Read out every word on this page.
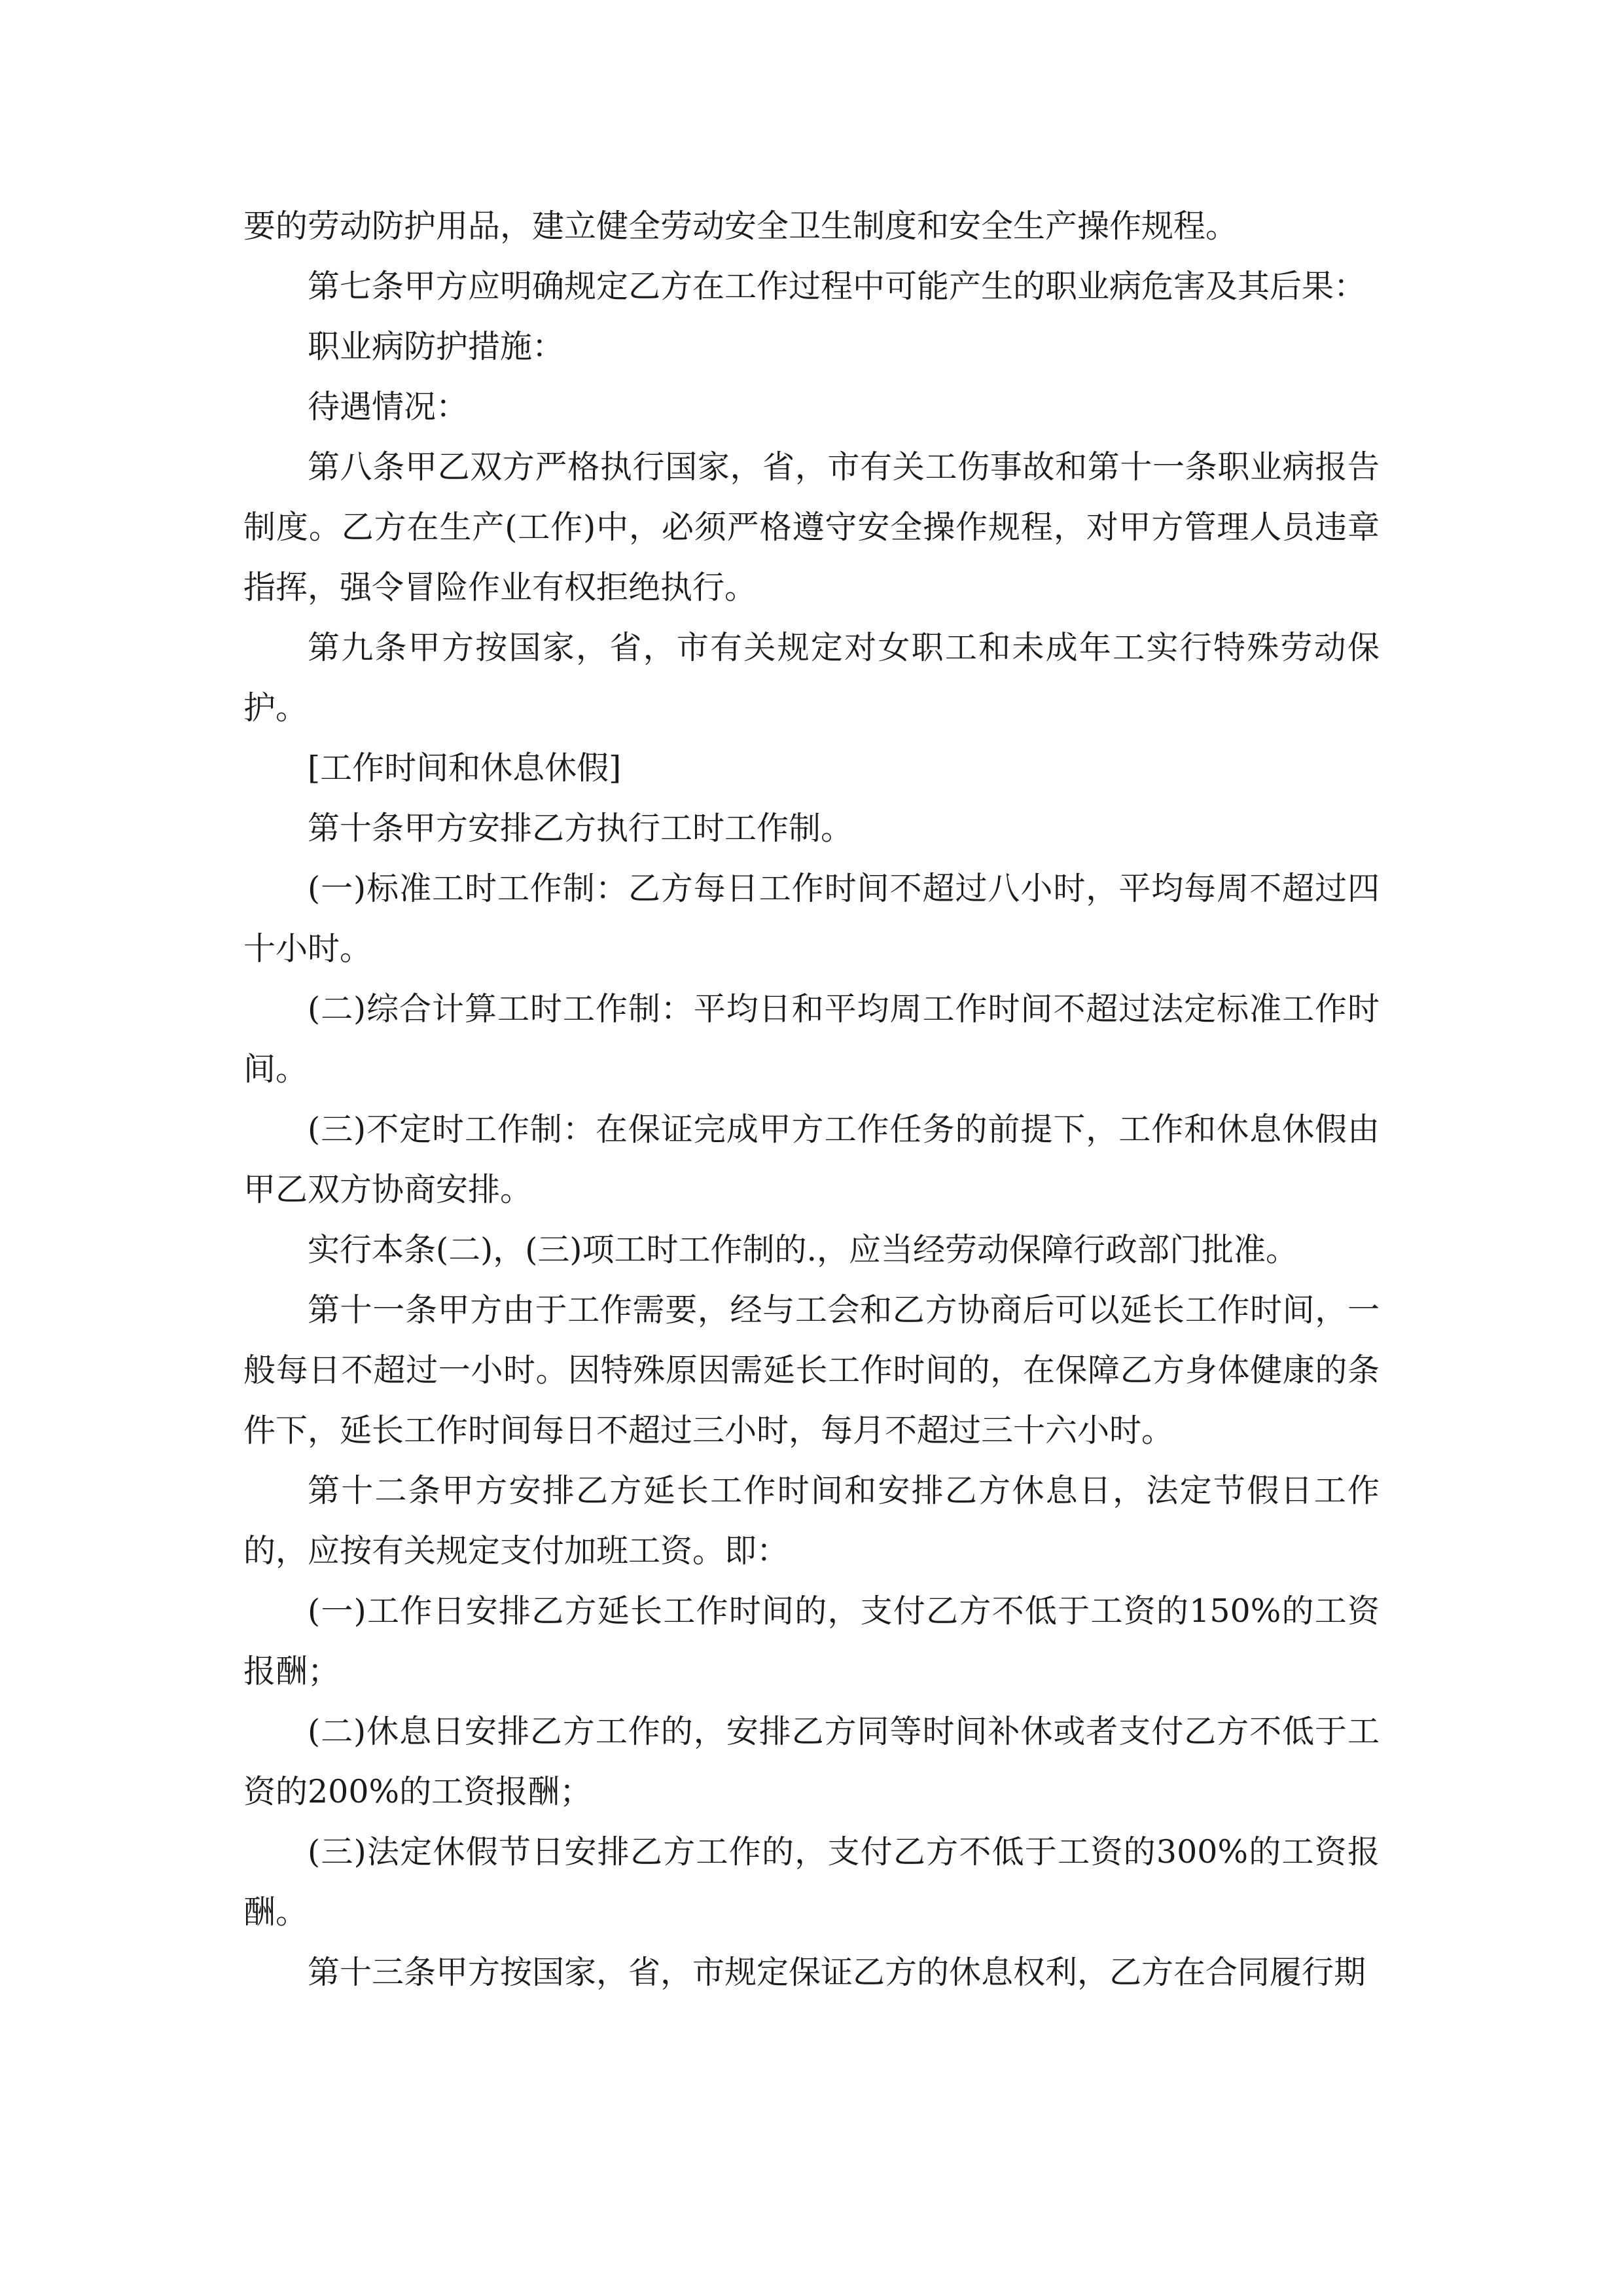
要的劳动防护用品，建立健全劳动安全卫生制度和安全生产操作规程。

第七条甲方应明确规定乙方在工作过程中可能产生的职业病危害及其后果：

职业病防护措施：

待遇情况：

第八条甲乙双方严格执行国家，省，市有关工伤事故和第十一条职业病报告制度。乙方在生产(工作)中，必须严格遵守安全操作规程，对甲方管理人员违章指挥，强令冒险作业有权拒绝执行。

第九条甲方按国家，省，市有关规定对女职工和未成年工实行特殊劳动保护。

[工作时间和休息休假]

第十条甲方安排乙方执行工时工作制。

(一)标准工时工作制：乙方每日工作时间不超过八小时，平均每周不超过四十小时。

(二)综合计算工时工作制：平均日和平均周工作时间不超过法定标准工作时间。

(三)不定时工作制：在保证完成甲方工作任务的前提下，工作和休息休假由甲乙双方协商安排。

实行本条(二)，(三)项工时工作制的.，应当经劳动保障行政部门批准。

第十一条甲方由于工作需要，经与工会和乙方协商后可以延长工作时间，一般每日不超过一小时。因特殊原因需延长工作时间的，在保障乙方身体健康的条件下，延长工作时间每日不超过三小时，每月不超过三十六小时。

第十二条甲方安排乙方延长工作时间和安排乙方休息日，法定节假日工作的，应按有关规定支付加班工资。即：

(一)工作日安排乙方延长工作时间的，支付乙方不低于工资的150%的工资报酬；

(二)休息日安排乙方工作的，安排乙方同等时间补休或者支付乙方不低于工资的200%的工资报酬；

(三)法定休假节日安排乙方工作的，支付乙方不低于工资的300%的工资报酬。

第十三条甲方按国家，省，市规定保证乙方的休息权利，乙方在合同履行期
